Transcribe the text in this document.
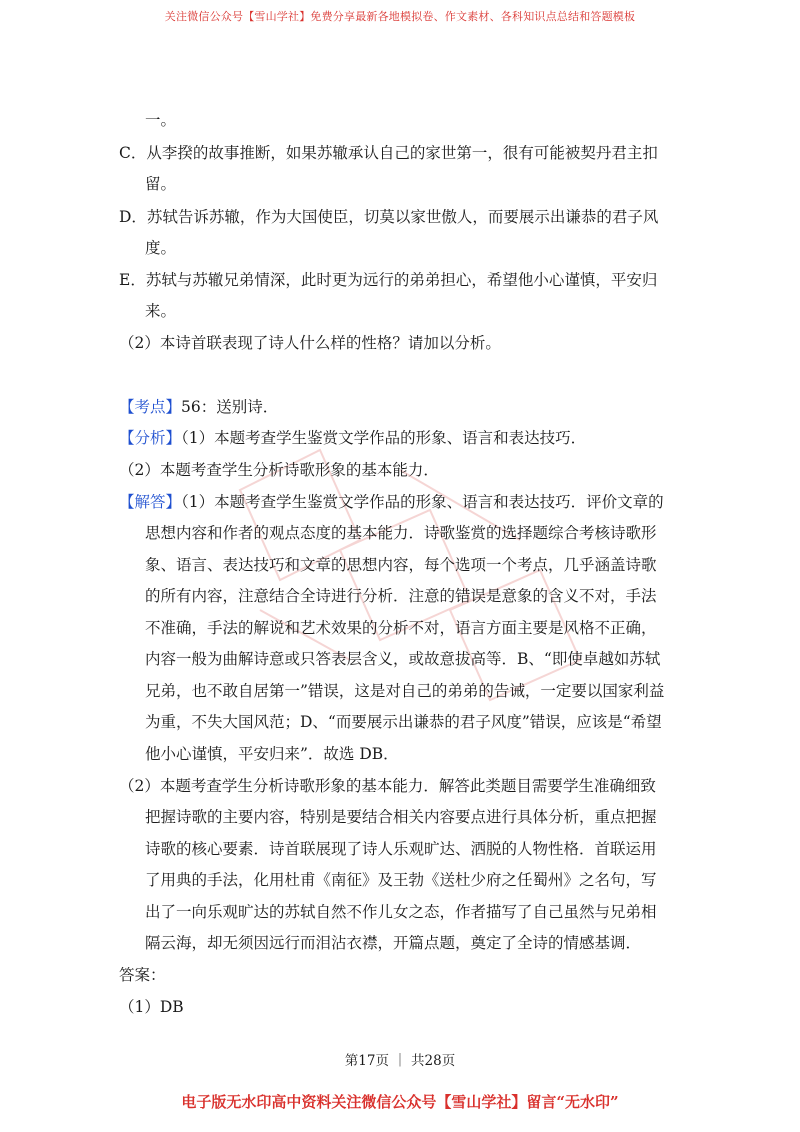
关注微信公众号【雪山学社】免费分享最新各地模拟卷、作文素材、各科知识点总结和答题模板
一。
C．从李揆的故事推断，如果苏辙承认自己的家世第一，很有可能被契丹君主扣
留。
D．苏轼告诉苏辙，作为大国使臣，切莫以家世傲人，而要展示出谦恭的君子风
度。
E．苏轼与苏辙兄弟情深，此时更为远行的弟弟担心，希望他小心谨慎，平安归
来。
（2）本诗首联表现了诗人什么样的性格？请加以分析。
【考点】56：送别诗．
【分析】（1）本题考查学生鉴赏文学作品的形象、语言和表达技巧．
（2）本题考查学生分析诗歌形象的基本能力．
【解答】（1）本题考查学生鉴赏文学作品的形象、语言和表达技巧．评价文章的
思想内容和作者的观点态度的基本能力．诗歌鉴赏的选择题综合考核诗歌形
象、语言、表达技巧和文章的思想内容，每个选项一个考点，几乎涵盖诗歌
的所有内容，注意结合全诗进行分析．注意的错误是意象的含义不对，手法
不准确，手法的解说和艺术效果的分析不对，语言方面主要是风格不正确，
内容一般为曲解诗意或只答表层含义，或故意拔高等．B、“即使卓越如苏轼
兄弟，也不敢自居第一”错误，这是对自己的弟弟的告诫，一定要以国家利益
为重，不失大国风范；D、“而要展示出谦恭的君子风度”错误，应该是“希望
他小心谨慎，平安归来”．故选 DB．
（2）本题考查学生分析诗歌形象的基本能力．解答此类题目需要学生准确细致
把握诗歌的主要内容，特别是要结合相关内容要点进行具体分析，重点把握
诗歌的核心要素．诗首联展现了诗人乐观旷达、洒脱的人物性格．首联运用
了用典的手法，化用杜甫《南征》及王勃《送杜少府之任蜀州》之名句，写
出了一向乐观旷达的苏轼自然不作儿女之态，作者描写了自己虽然与兄弟相
隔云海，却无须因远行而泪沾衣襟，开篇点题，奠定了全诗的情感基调．
答案：
（1）DB
第17页 ｜ 共28页
电子版无水印高中资料关注微信公众号【雪山学社】留言“无水印”
